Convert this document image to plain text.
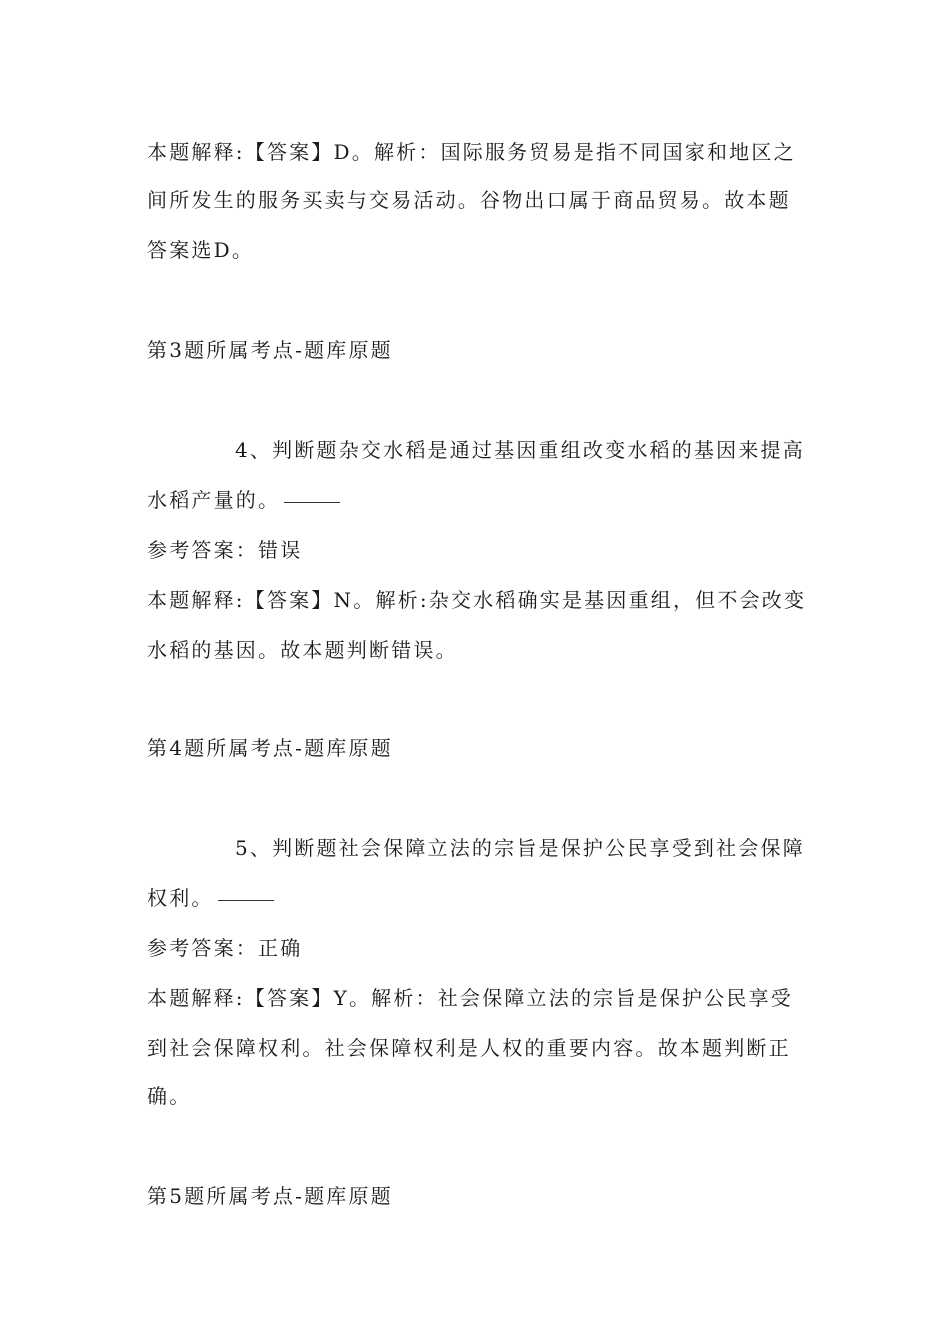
本题解释:【答案】D。解析：国际服务贸易是指不同国家和地区之
间所发生的服务买卖与交易活动。谷物出口属于商品贸易。故本题
答案选D。
第3题所属考点-题库原题
4、判断题杂交水稻是通过基因重组改变水稻的基因来提高
水稻产量的。
参考答案：错误
本题解释:【答案】N。解析:杂交水稻确实是基因重组，但不会改变
水稻的基因。故本题判断错误。
第4题所属考点-题库原题
5、判断题社会保障立法的宗旨是保护公民享受到社会保障
权利。
参考答案：正确
本题解释:【答案】Y。解析：社会保障立法的宗旨是保护公民享受
到社会保障权利。社会保障权利是人权的重要内容。故本题判断正
确。
第5题所属考点-题库原题
